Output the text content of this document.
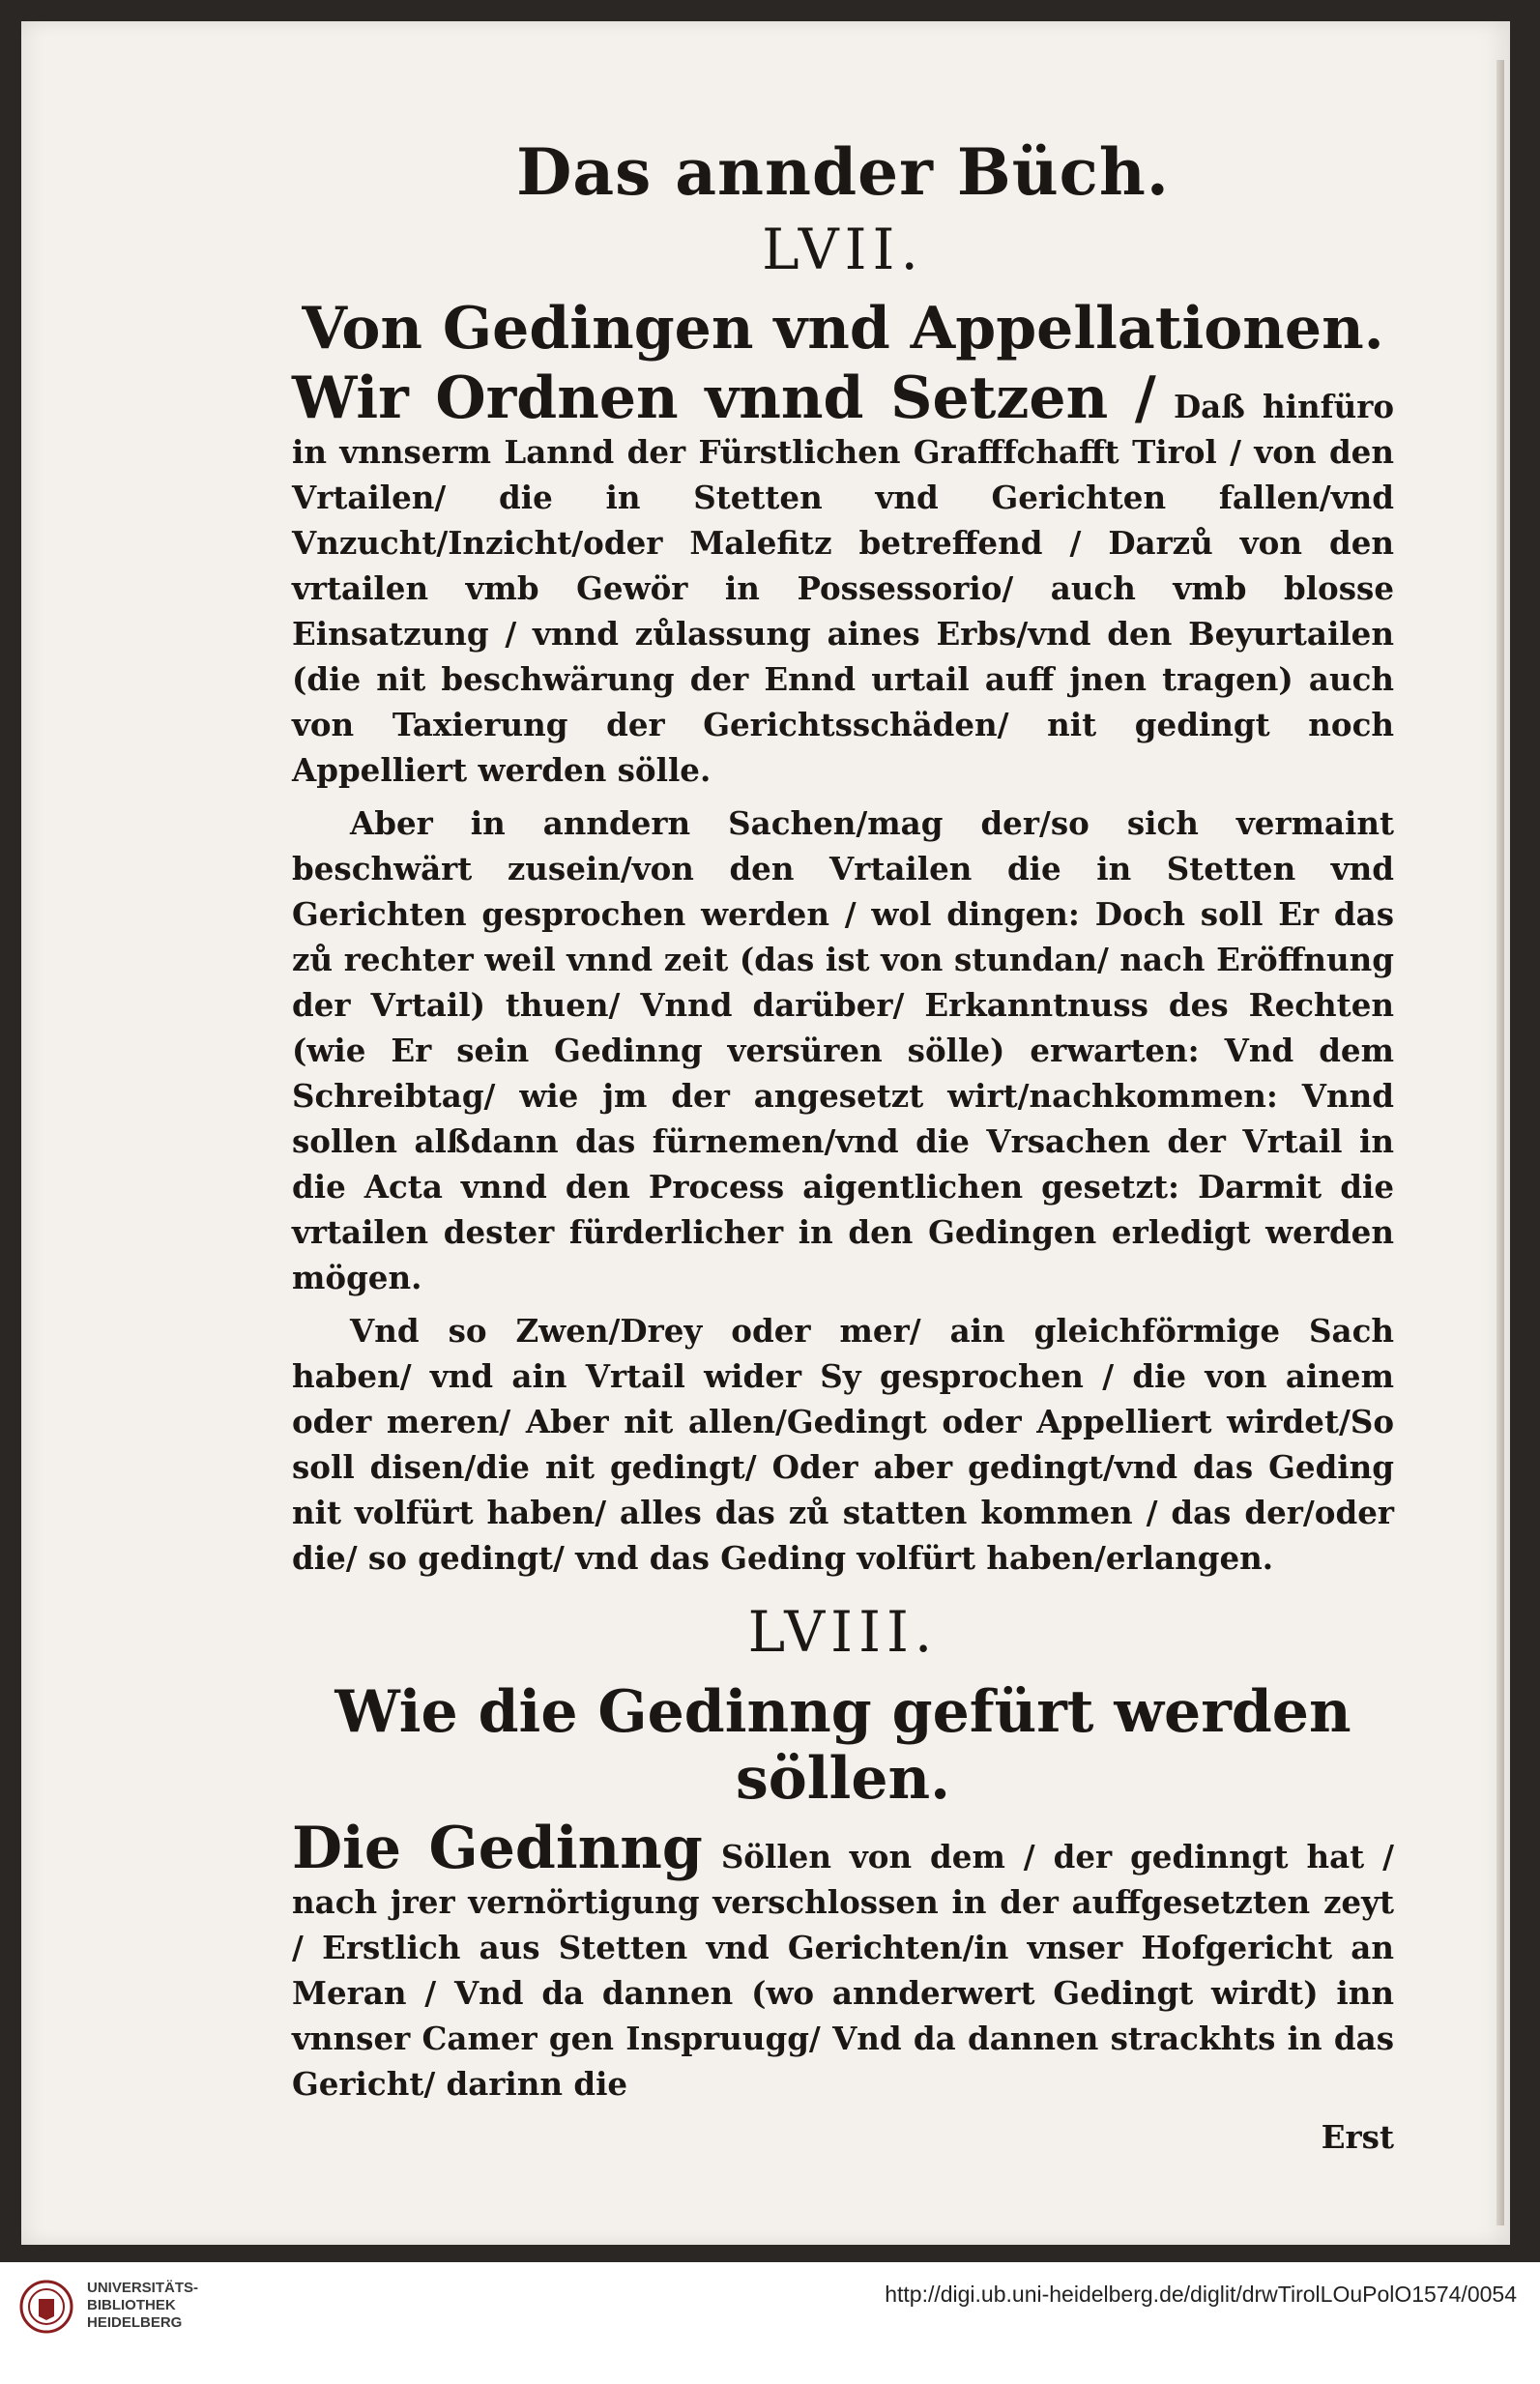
Das annder Büch.
LVII.
Von Gedingen vnd Appellationen.

Wir Ordnen vnnd Setzen / Daß hinfüro in vnnserm Lannd der Fürstlichen Grafffchafft Tirol / von den Vrtailen/ die in Stetten vnd Gerichten fallen/vnd Vnzucht/Inzicht/oder Malefitz betreffend / Darzů von den vrtailen vmb Gewör in Possessorio/ auch vmb blosse Einsatzung / vnnd zůlassung aines Erbs/vnd den Beyurtailen (die nit beschwärung der Ennd urtail auff jnen tragen) auch von Taxierung der Gerichtsschäden/ nit gedingt noch Appelliert werden sölle.

Aber in anndern Sachen/mag der/so sich vermaint beschwärt zusein/von den Vrtailen die in Stetten vnd Gerichten gesprochen werden / wol dingen: Doch soll Er das zů rechter weil vnnd zeit (das ist von stundan/ nach Eröffnung der Vrtail) thuen/ Vnnd darüber/ Erkanntnuss des Rechten (wie Er sein Gedinng versüren sölle) erwarten: Vnd dem Schreibtag/ wie jm der angesetzt wirt/nachkommen: Vnnd sollen alßdann das fürnemen/vnd die Vrsachen der Vrtail in die Acta vnnd den Process aigentlichen gesetzt: Darmit die vrtailen dester fürderlicher in den Gedingen erledigt werden mögen.

Vnd so Zwen/Drey oder mer/ ain gleichförmige Sach haben/ vnd ain Vrtail wider Sy gesprochen / die von ainem oder meren/ Aber nit allen/Gedingt oder Appelliert wirdet/So soll disen/die nit gedingt/ Oder aber gedingt/vnd das Geding nit volfürt haben/ alles das zů statten kommen / das der/oder die/ so gedingt/ vnd das Geding volfürt haben/erlangen.

LVIII.
Wie die Gedinng gefürt werden söllen.

Die Gedinng Söllen von dem / der gedinngt hat / nach jrer vernörtigung verschlossen in der auffgesetzten zeyt / Erstlich aus Stetten vnd Gerichten/in vnser Hofgericht an Meran / Vnd da dannen (wo annderwert Gedingt wirdt) inn vnnser Camer gen Inspruugg/ Vnd da dannen strackhts in das Gericht/ darinn die

Erst
UNIVERSITÄTS-
BIBLIOTHEK
HEIDELBERG
http://digi.ub.uni-heidelberg.de/diglit/drwTirolLOuPolO1574/0054
